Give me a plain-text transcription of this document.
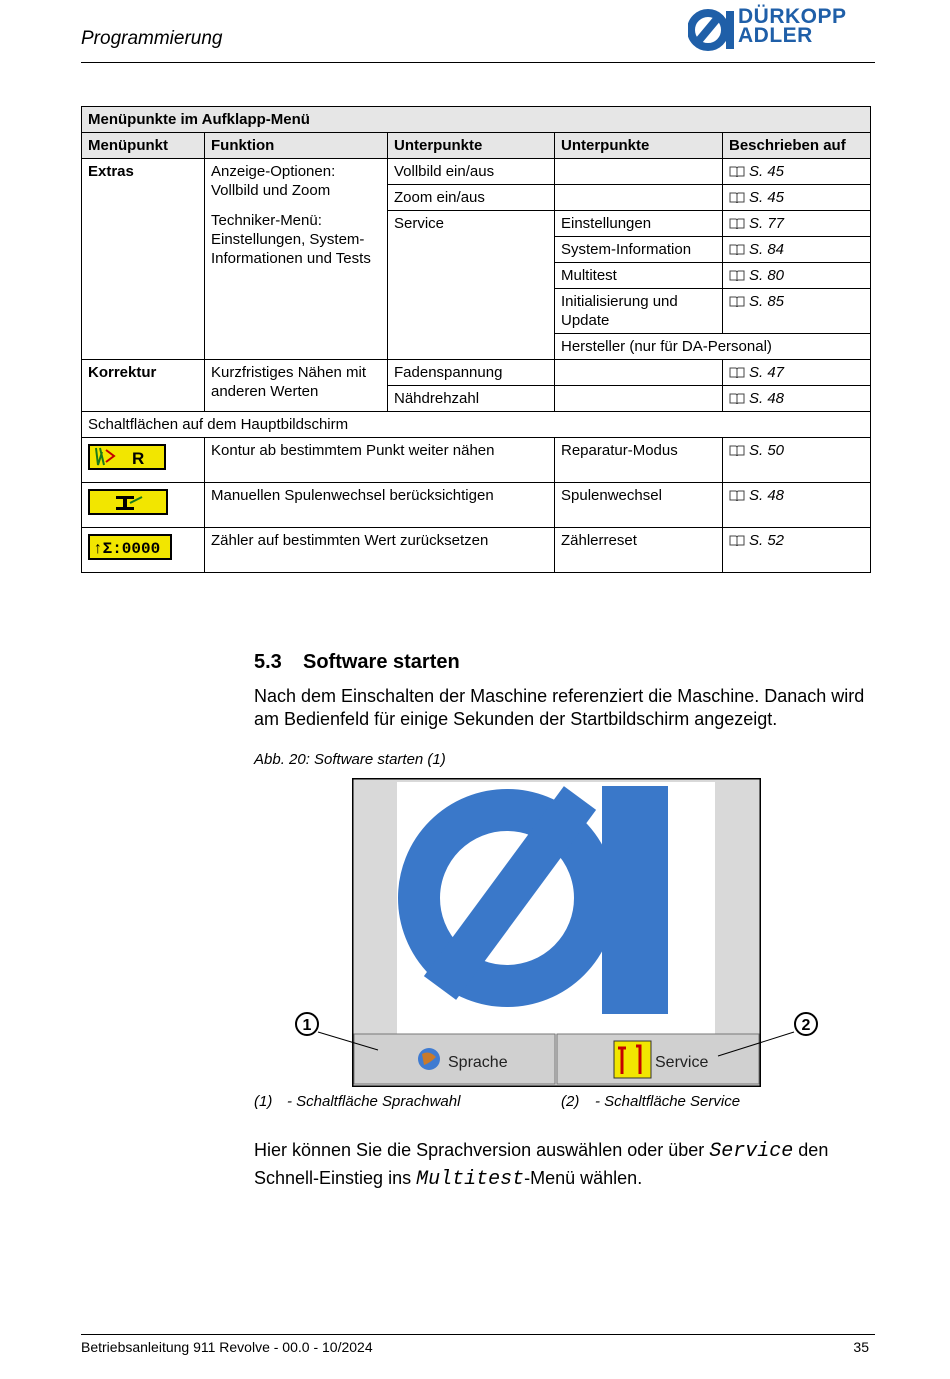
Programmierung
DÜRKOPP
ADLER
Menüpunkte im Aufklapp-Menü				
Menüpunkt	Funktion	Unterpunkte	Unterpunkte	Beschrieben auf
Extras	Anzeige-Optionen: Vollbild und Zoom	Vollbild ein/aus		S. 45
		Zoom ein/aus		S. 45
	Techniker-Menü: Einstellungen, System-Informationen und Tests	Service	Einstellungen	S. 77
			System-Information	S. 84
			Multitest	S. 80
			Initialisierung und Update	S. 85
			Hersteller (nur für DA-Personal)	
Korrektur	Kurzfristiges Nähen mit anderen Werten	Fadenspannung		S. 47
		Nähdrehzahl		S. 48
Schaltflächen auf dem Hauptbildschirm				

R	Kontur ab bestimmtem Punkt weiter nähen		Reparatur-Modus	S. 50

	Manuellen Spulenwechsel berücksichtigen		Spulenwechsel	S. 48

↑Σ:0000	Zähler auf bestimmten Wert zurücksetzen		Zählerreset	S. 52
5.3 Software starten
Nach dem Einschalten der Maschine referenziert die Maschine. Danach wird am Bedienfeld für einige Sekunden der Startbildschirm angezeigt.
Abb. 20: Software starten (1)
Sprache	Service
1	2
(1) - Schaltfläche Sprachwahl	(2) - Schaltfläche Service
Hier können Sie die Sprachversion auswählen oder über Service den Schnell-Einstieg ins Multitest-Menü wählen.
Betriebsanleitung 911 Revolve - 00.0 - 10/2024	35
